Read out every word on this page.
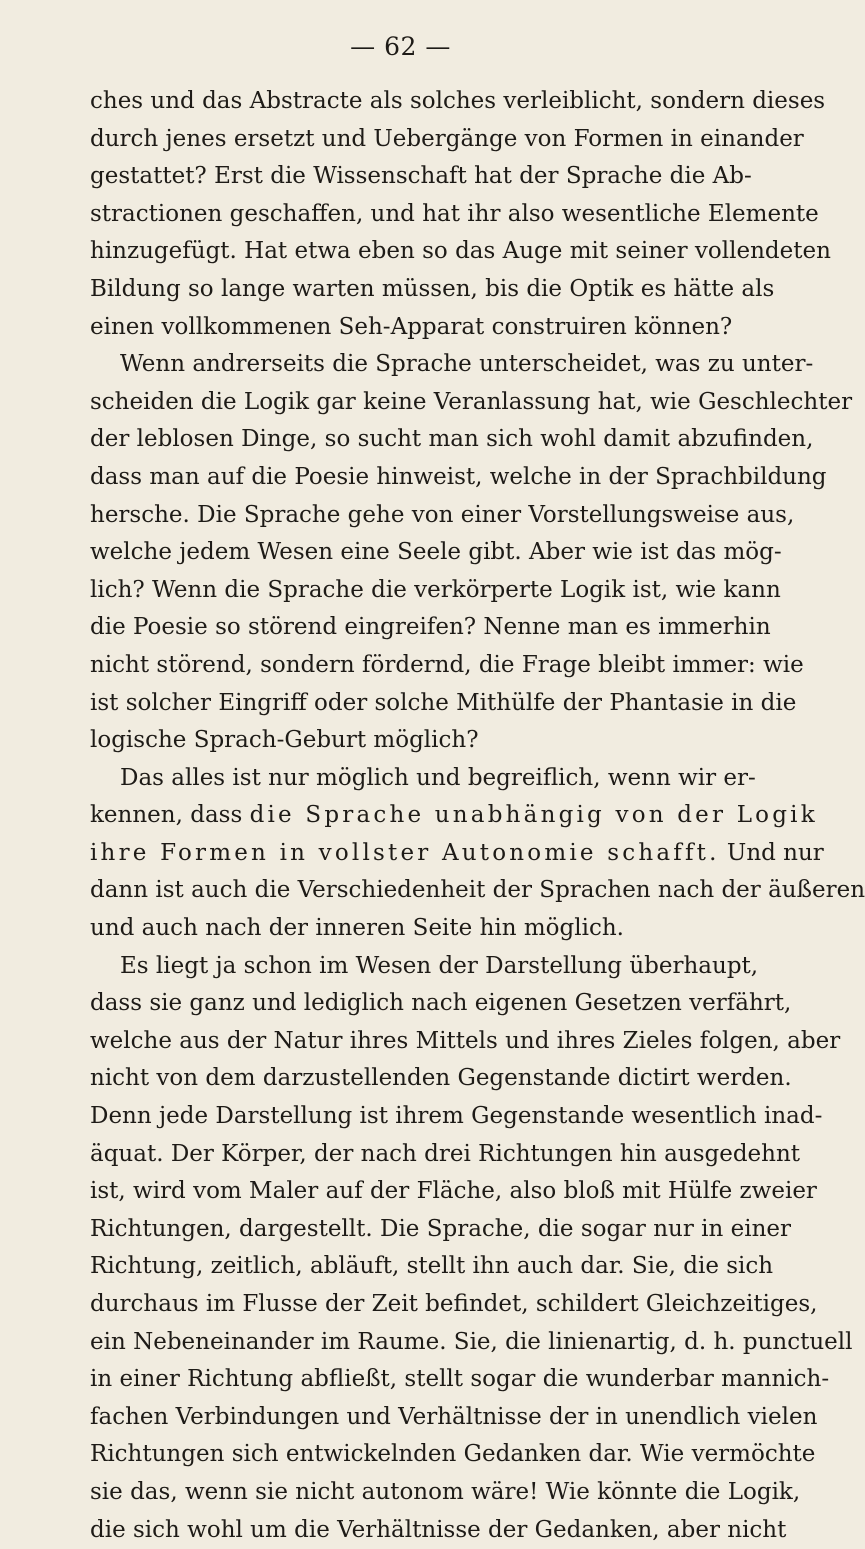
— 62 —
ches und das Abstracte als solches verleiblicht, sondern dieses
durch jenes ersetzt und Uebergänge von Formen in einander
gestattet? Erst die Wissenschaft hat der Sprache die Ab-
stractionen geschaffen, und hat ihr also wesentliche Elemente
hinzugefügt. Hat etwa eben so das Auge mit seiner vollendeten
Bildung so lange warten müssen, bis die Optik es hätte als
einen vollkommenen Seh-Apparat construiren können?
Wenn andrerseits die Sprache unterscheidet, was zu unter-
scheiden die Logik gar keine Veranlassung hat, wie Geschlechter
der leblosen Dinge, so sucht man sich wohl damit abzufinden,
dass man auf die Poesie hinweist, welche in der Sprachbildung
hersche. Die Sprache gehe von einer Vorstellungsweise aus,
welche jedem Wesen eine Seele gibt. Aber wie ist das mög-
lich? Wenn die Sprache die verkörperte Logik ist, wie kann
die Poesie so störend eingreifen? Nenne man es immerhin
nicht störend, sondern fördernd, die Frage bleibt immer: wie
ist solcher Eingriff oder solche Mithülfe der Phantasie in die
logische Sprach-Geburt möglich?
Das alles ist nur möglich und begreiflich, wenn wir er-
kennen, dass die Sprache unabhängig von der Logik
ihre Formen in vollster Autonomie schafft. Und nur
dann ist auch die Verschiedenheit der Sprachen nach der äußeren
und auch nach der inneren Seite hin möglich.
Es liegt ja schon im Wesen der Darstellung überhaupt,
dass sie ganz und lediglich nach eigenen Gesetzen verfährt,
welche aus der Natur ihres Mittels und ihres Zieles folgen, aber
nicht von dem darzustellenden Gegenstande dictirt werden.
Denn jede Darstellung ist ihrem Gegenstande wesentlich inad-
äquat. Der Körper, der nach drei Richtungen hin ausgedehnt
ist, wird vom Maler auf der Fläche, also bloß mit Hülfe zweier
Richtungen, dargestellt. Die Sprache, die sogar nur in einer
Richtung, zeitlich, abläuft, stellt ihn auch dar. Sie, die sich
durchaus im Flusse der Zeit befindet, schildert Gleichzeitiges,
ein Nebeneinander im Raume. Sie, die linienartig, d. h. punctuell
in einer Richtung abfließt, stellt sogar die wunderbar mannich-
fachen Verbindungen und Verhältnisse der in unendlich vielen
Richtungen sich entwickelnden Gedanken dar. Wie vermöchte
sie das, wenn sie nicht autonom wäre! Wie könnte die Logik,
die sich wohl um die Verhältnisse der Gedanken, aber nicht
